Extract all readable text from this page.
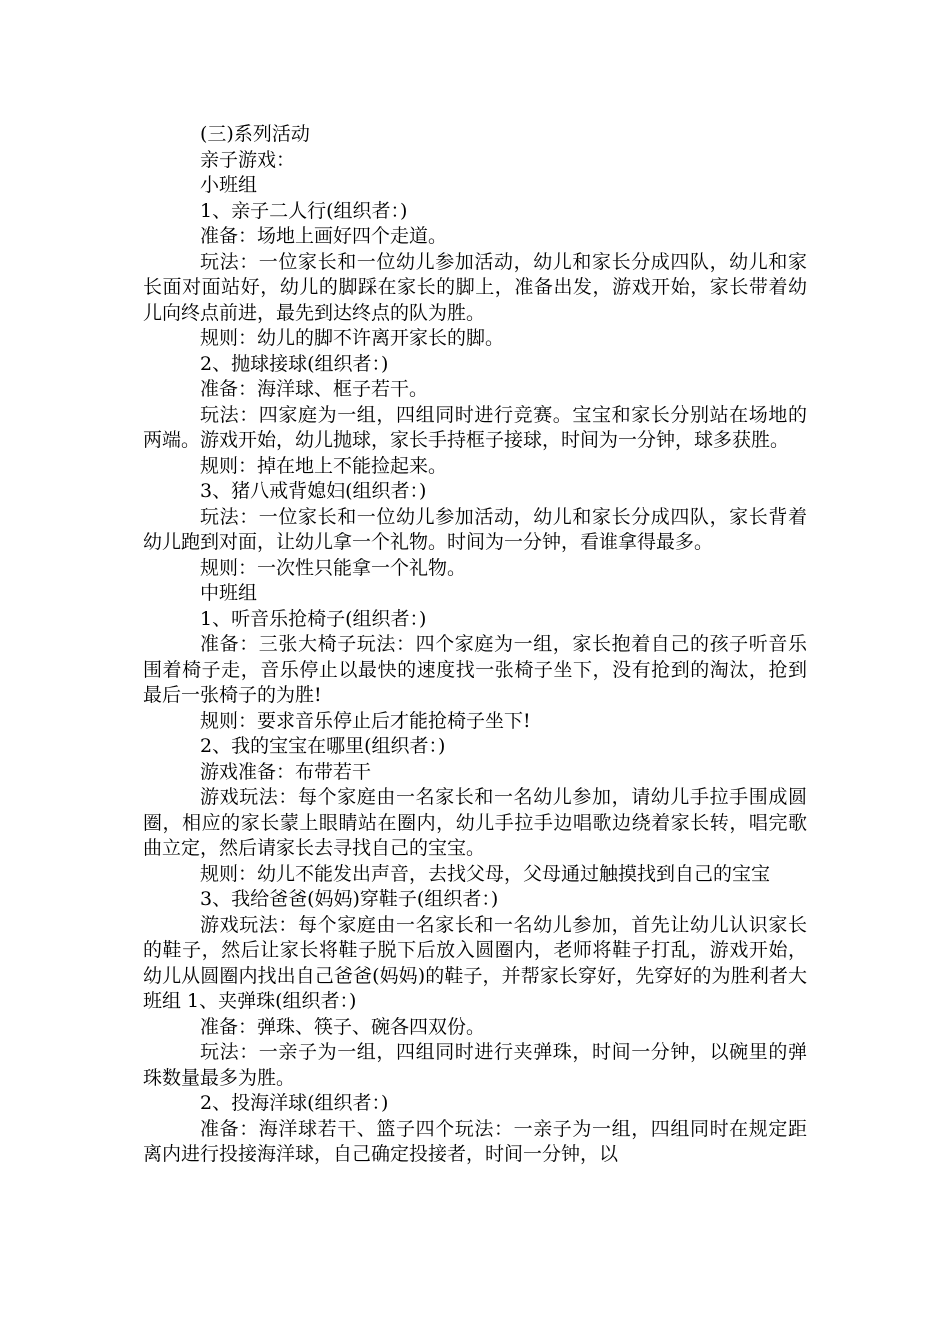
(三)系列活动

亲子游戏：

小班组

1、亲子二人行(组织者：)

准备：场地上画好四个走道。

玩法：一位家长和一位幼儿参加活动，幼儿和家长分成四队，幼儿和家长面对面站好，幼儿的脚踩在家长的脚上，准备出发，游戏开始，家长带着幼儿向终点前进，最先到达终点的队为胜。

规则：幼儿的脚不许离开家长的脚。

2、抛球接球(组织者：)

准备：海洋球、框子若干。

玩法：四家庭为一组，四组同时进行竞赛。宝宝和家长分别站在场地的两端。游戏开始，幼儿抛球，家长手持框子接球，时间为一分钟，球多获胜。

规则：掉在地上不能捡起来。

3、猪八戒背媳妇(组织者：)

玩法：一位家长和一位幼儿参加活动，幼儿和家长分成四队，家长背着幼儿跑到对面，让幼儿拿一个礼物。时间为一分钟，看谁拿得最多。

规则：一次性只能拿一个礼物。

中班组

1、听音乐抢椅子(组织者：)

准备：三张大椅子玩法：四个家庭为一组，家长抱着自己的孩子听音乐围着椅子走，音乐停止以最快的速度找一张椅子坐下，没有抢到的淘汰，抢到最后一张椅子的为胜!

规则：要求音乐停止后才能抢椅子坐下!

2、我的宝宝在哪里(组织者：)

游戏准备：布带若干

游戏玩法：每个家庭由一名家长和一名幼儿参加，请幼儿手拉手围成圆圈，相应的家长蒙上眼睛站在圈内，幼儿手拉手边唱歌边绕着家长转，唱完歌曲立定，然后请家长去寻找自己的宝宝。

规则：幼儿不能发出声音，去找父母，父母通过触摸找到自己的宝宝

3、我给爸爸(妈妈)穿鞋子(组织者：)

游戏玩法：每个家庭由一名家长和一名幼儿参加，首先让幼儿认识家长的鞋子，然后让家长将鞋子脱下后放入圆圈内，老师将鞋子打乱，游戏开始，幼儿从圆圈内找出自己爸爸(妈妈)的鞋子，并帮家长穿好，先穿好的为胜利者大班组 1、夹弹珠(组织者：)

准备：弹珠、筷子、碗各四双份。

玩法：一亲子为一组，四组同时进行夹弹珠，时间一分钟，以碗里的弹珠数量最多为胜。

2、投海洋球(组织者：)

准备：海洋球若干、篮子四个玩法：一亲子为一组，四组同时在规定距离内进行投接海洋球，自己确定投接者，时间一分钟，以
